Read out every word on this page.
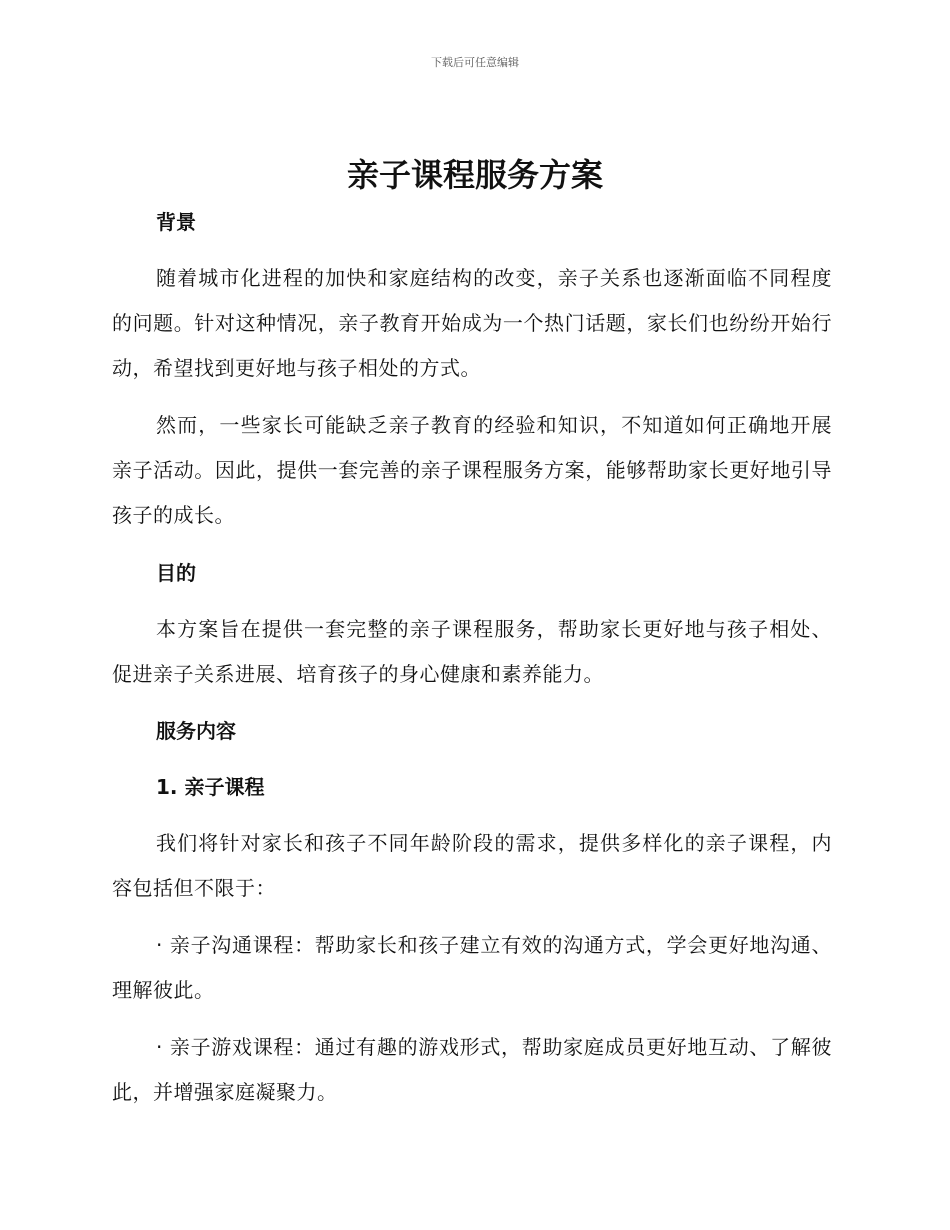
下载后可任意编辑
亲子课程服务方案
背景

随着城市化进程的加快和家庭结构的改变，亲子关系也逐渐面临不同程度的问题。针对这种情况，亲子教育开始成为一个热门话题，家长们也纷纷开始行动，希望找到更好地与孩子相处的方式。

然而，一些家长可能缺乏亲子教育的经验和知识，不知道如何正确地开展亲子活动。因此，提供一套完善的亲子课程服务方案，能够帮助家长更好地引导孩子的成长。

目的

本方案旨在提供一套完整的亲子课程服务，帮助家长更好地与孩子相处、促进亲子关系进展、培育孩子的身心健康和素养能力。

服务内容
1. 亲子课程

我们将针对家长和孩子不同年龄阶段的需求，提供多样化的亲子课程，内容包括但不限于：

· 亲子沟通课程：帮助家长和孩子建立有效的沟通方式，学会更好地沟通、理解彼此。

· 亲子游戏课程：通过有趣的游戏形式，帮助家庭成员更好地互动、了解彼此，并增强家庭凝聚力。
